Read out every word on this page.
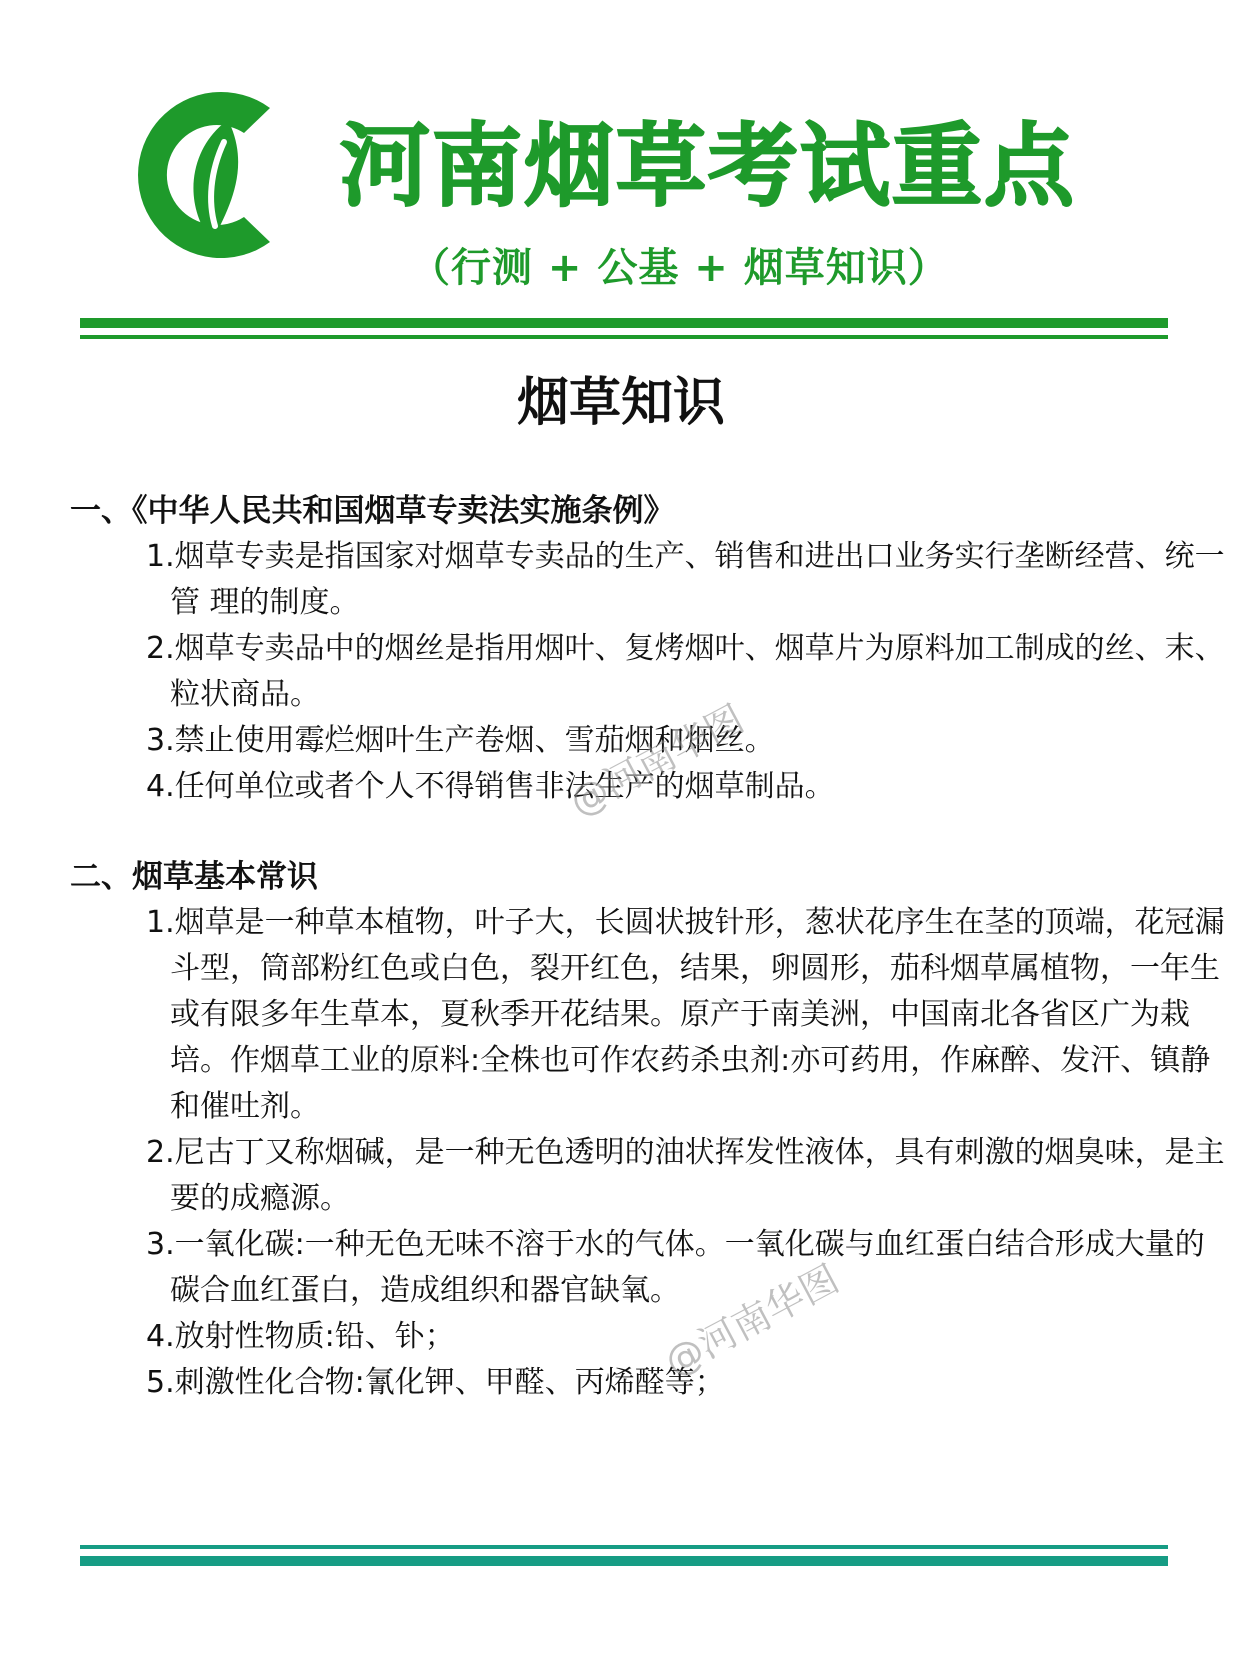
河南烟草考试重点
（行测 + 公基 + 烟草知识）
烟草知识
一、《中华人民共和国烟草专卖法实施条例》
1.烟草专卖是指国家对烟草专卖品的生产、销售和进出口业务实行垄断经营、统一管 理的制度。
2.烟草专卖品中的烟丝是指用烟叶、复烤烟叶、烟草片为原料加工制成的丝、末、粒状商品。
3.禁止使用霉烂烟叶生产卷烟、雪茄烟和烟丝。
4.任何单位或者个人不得销售非法生产的烟草制品。
二、烟草基本常识
1.烟草是一种草本植物，叶子大，长圆状披针形，葱状花序生在茎的顶端，花冠漏斗型，筒部粉红色或白色，裂开红色，结果，卵圆形，茄科烟草属植物，一年生或有限多年生草本，夏秋季开花结果。原产于南美洲，中国南北各省区广为栽培。作烟草工业的原料:全株也可作农药杀虫剂:亦可药用，作麻醉、发汗、镇静和催吐剂。
2.尼古丁又称烟碱，是一种无色透明的油状挥发性液体，具有刺激的烟臭味，是主要的成瘾源。
3.一氧化碳:一种无色无味不溶于水的气体。一氧化碳与血红蛋白结合形成大量的碳合血红蛋白，造成组织和器官缺氧。
4.放射性物质:铅、钋；
5.刺激性化合物:氰化钾、甲醛、丙烯醛等；
@河南华图
@河南华图
